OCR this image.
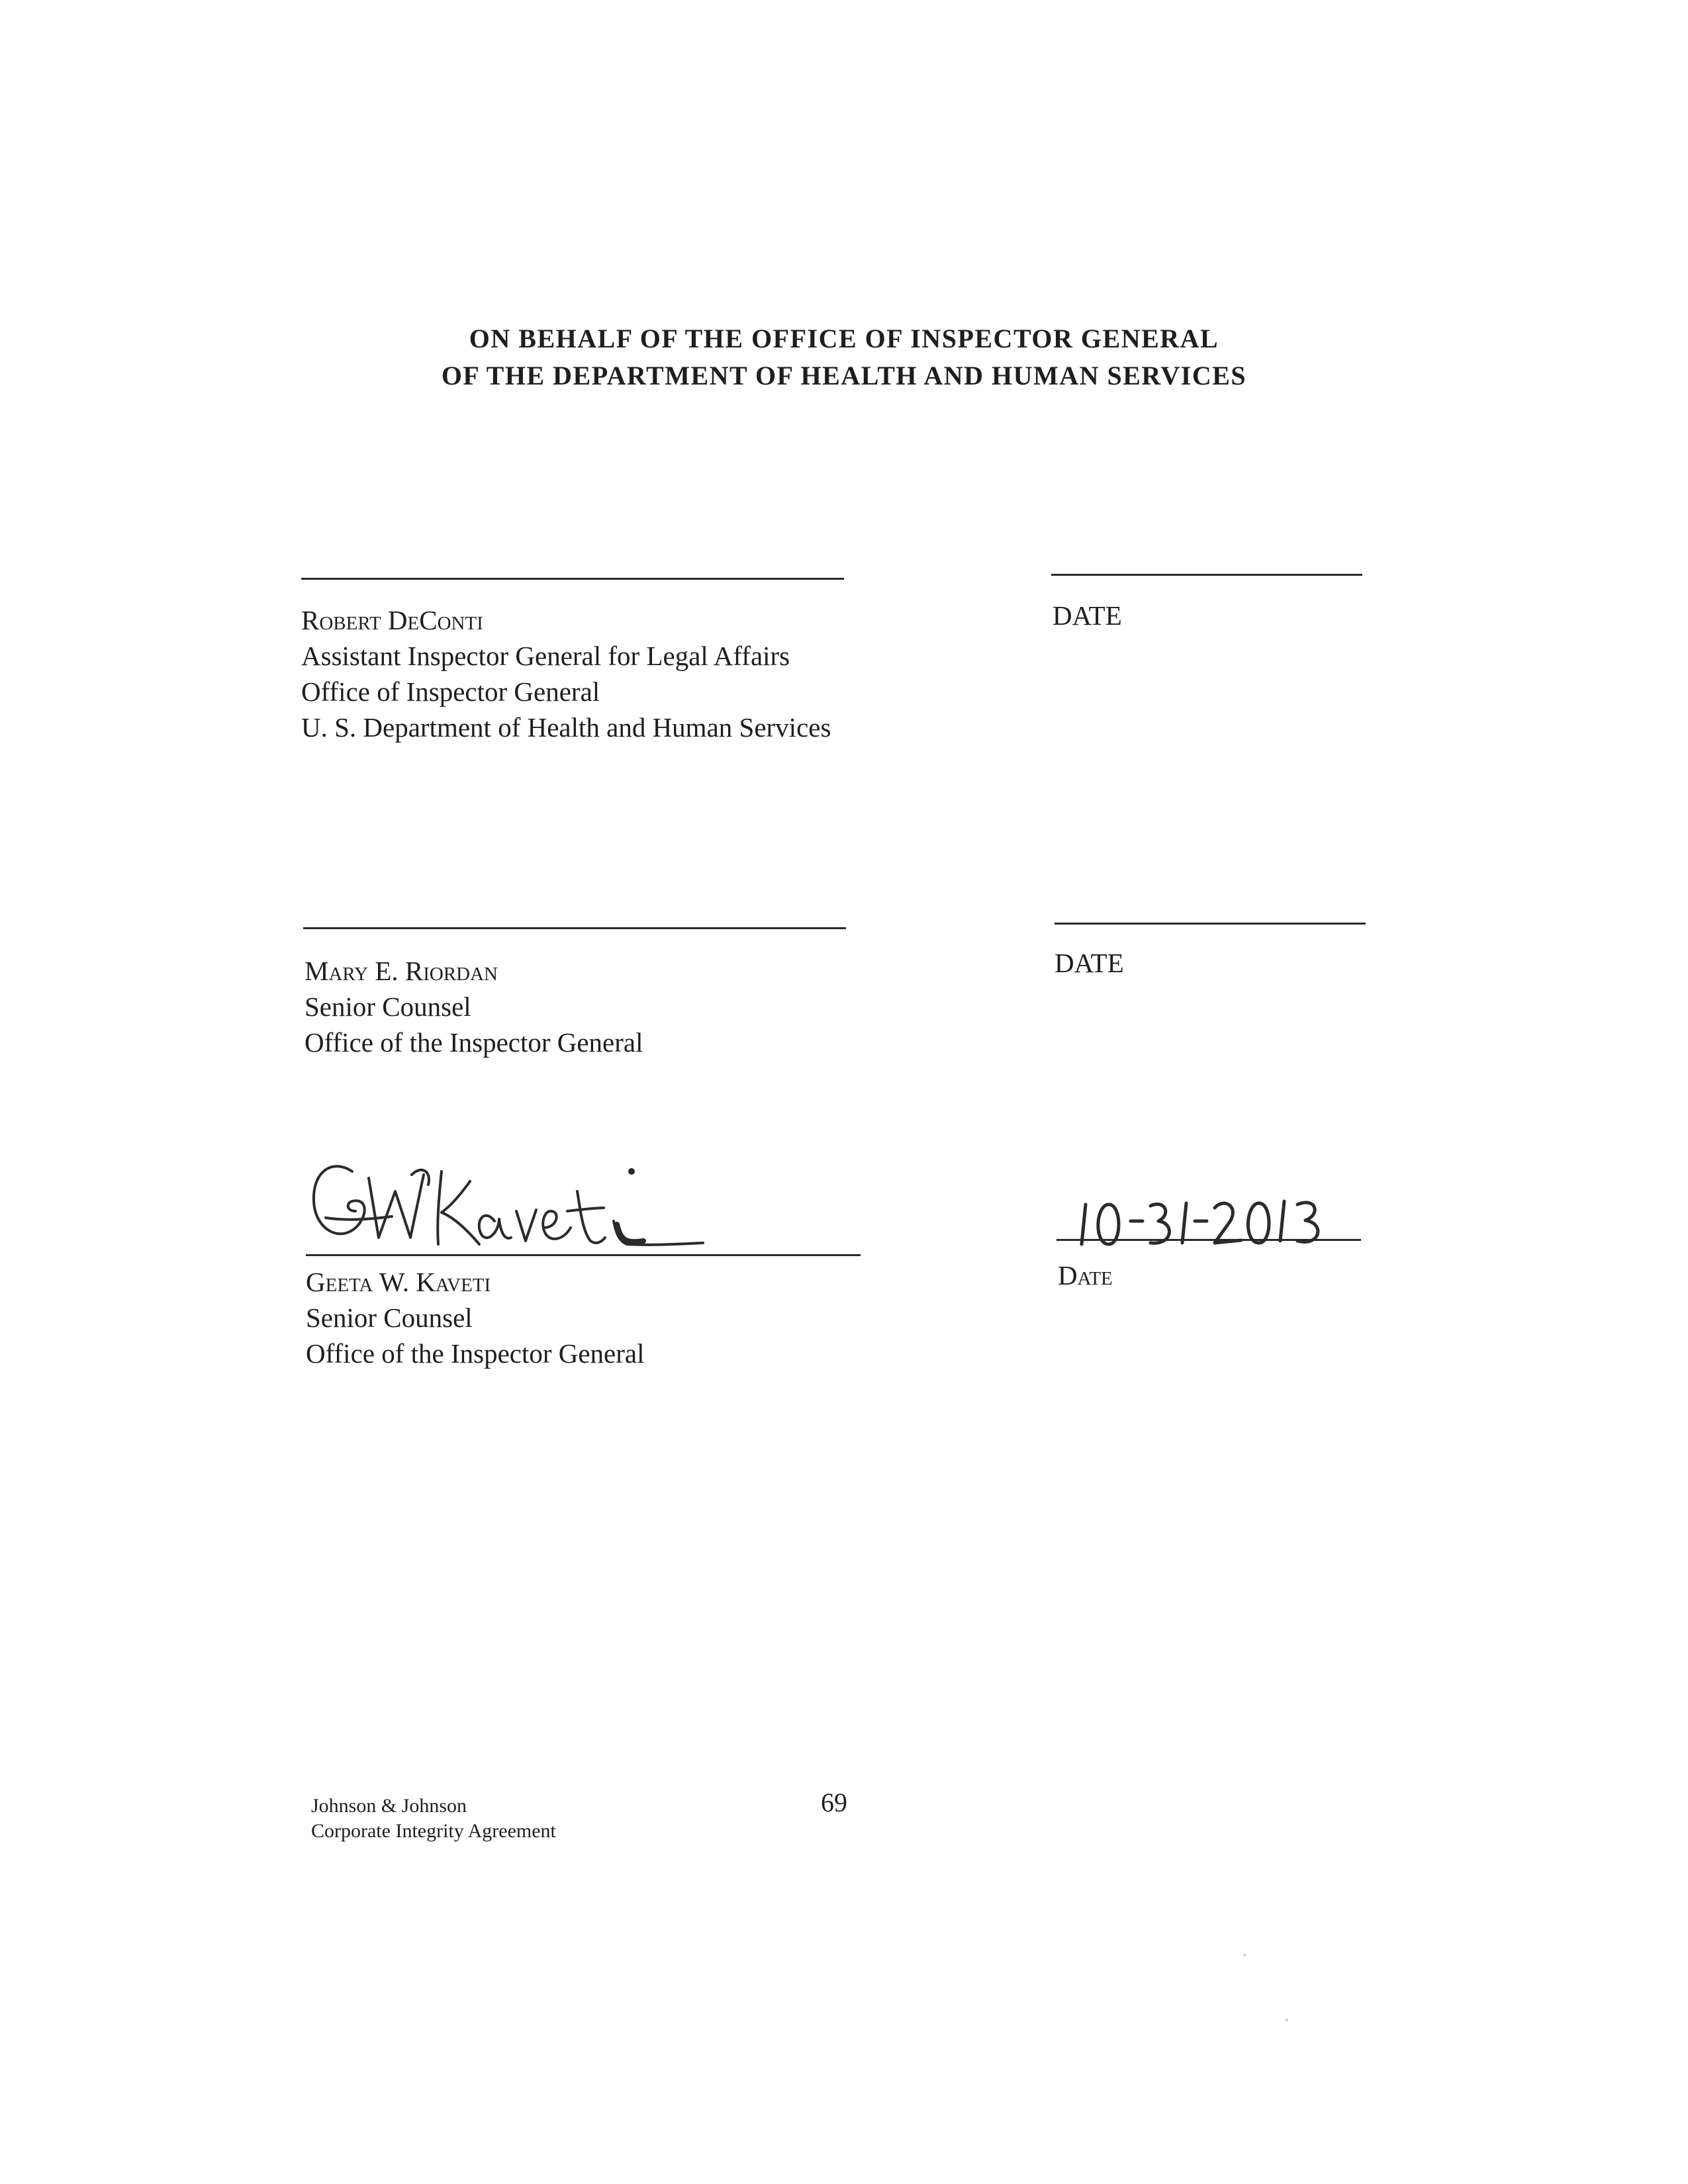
ON BEHALF OF THE OFFICE OF INSPECTOR GENERAL
OF THE DEPARTMENT OF HEALTH AND HUMAN SERVICES
Robert DeConti	DATE
Assistant Inspector General for Legal Affairs
Office of Inspector General
U. S. Department of Health and Human Services
Mary E. Riordan	DATE
Senior Counsel
Office of the Inspector General
Geeta W. Kaveti	Date
Senior Counsel
Office of the Inspector General
Johnson & Johnson
Corporate Integrity Agreement
69
